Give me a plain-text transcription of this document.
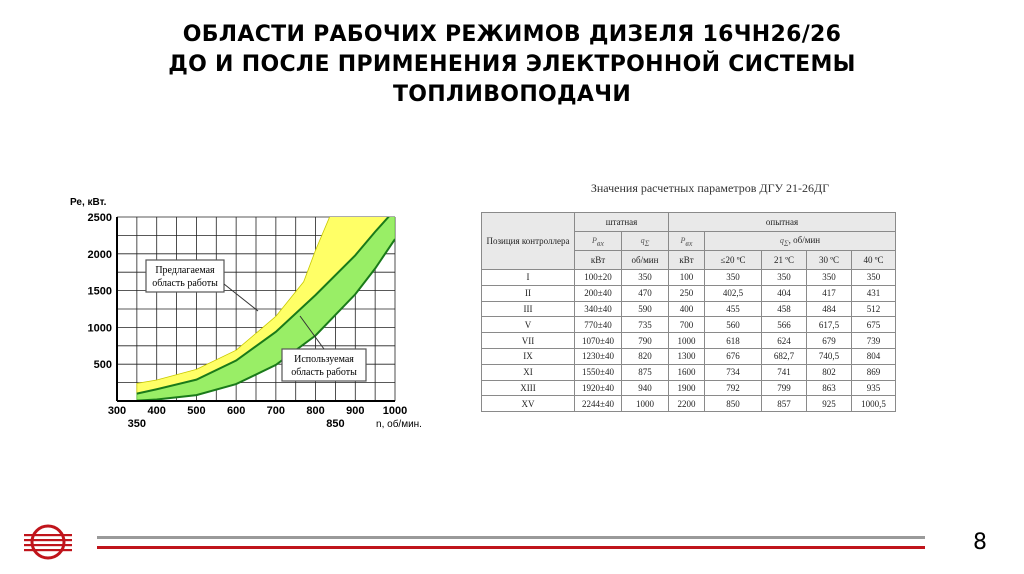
ОБЛАСТИ РАБОЧИХ РЕЖИМОВ ДИЗЕЛЯ 16ЧН26/26
ДО И ПОСЛЕ ПРИМЕНЕНИЯ ЭЛЕКТРОННОЙ СИСТЕМЫ
ТОПЛИВОПОДАЧИ
500
1000
1500
2000
2500
300 400 500 600 700 800 900 1000
350	850
Ре, кВт.
n, об/мин.
Предлагаемая
область работы
Используемая
область работы
Значения расчетных параметров ДГУ 21-26ДГ
Позиция контроллера	штатная		опытная				
	$P_{вх}$	$q_\Sigma$	$P_{вх}$	$q_\Sigma$, об/мин			
	кВт	об/мин	кВт	≤20 ºС	21 ºС	30 ºС	40 ºС
I	100±20	350	100	350	350	350	350
II	200±40	470	250	402,5	404	417	431
III	340±40	590	400	455	458	484	512
V	770±40	735	700	560	566	617,5	675
VII	1070±40	790	1000	618	624	679	739
IX	1230±40	820	1300	676	682,7	740,5	804
XI	1550±40	875	1600	734	741	802	869
XIII	1920±40	940	1900	792	799	863	935
XV	2244±40	1000	2200	850	857	925	1000,5
8
